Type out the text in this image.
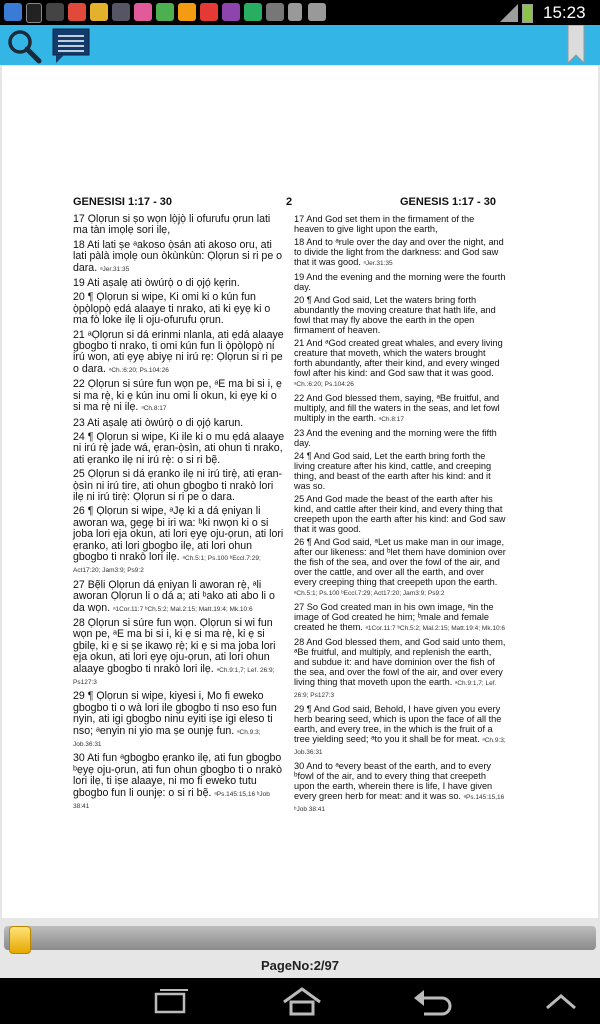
15:23
GENESISI 1:17 - 30	2	GENESIS 1:17 - 30

17 Ọlọrun si ṣo wọn lọ̀jọ̀ li ofurufu ọrun lati ma tàn imọlẹ sori ilẹ,

18 Ati lati ṣe ᵃakoso ọ̀sán ati akoso oru, ati lati pàlà imọlẹ oun òkùnkùn: Ọlọrun si ri pe o dara. ᵃJer.31:35

19 Ati aṣalẹ ati òwúrọ̀ o di ọjọ́ kẹrin.

20 ¶ Ọlọrun si wipe, Ki omi ki o kún fun ọ̀pọ̀lọpọ̀ ẹdá alaaye ti nrako, ati ki ẹyẹ ki o ma fò loke ilẹ li oju-ofurufu ọrun.

21 ᵃỌlọrun si dá erinmi nlanla, ati ẹdá alaaye gbogbo ti nrako, ti omi kún fun li ọ̀pọ̀lọpọ̀ ni irú won, ati ẹyẹ abiyẹ ni irú rẹ: Ọlọrun si ri pe o dara. ᵃCh.:6:20; Ps.104:26

22 Ọlọrun si súre fun wọn pe, ᵃE ma bi si i, ẹ si ma rẹ̀, ki ẹ kún inu omi li okun, ki ẹyẹ ki o si ma rẹ̀ ni ilẹ. ᵃCh.8:17

23 Ati aṣalẹ ati òwúrọ̀ o di ọjọ́ karun.

24 ¶ Ọlọrun si wipe, Ki ile ki o mu ẹdá alaaye ni irú rẹ̀ jade wá, ẹran-ọ̀sìn, ati ohun ti nrako, ati ẹranko ilẹ ni irú rẹ̀: o si ri bẹ̃.

25 Ọlọrun si dá ẹranko ilẹ ni irú tirẹ̀, ati ẹran-ọ̀sìn ni irú tire, ati ohun gbogbo ti nrakò lori ilẹ ni irú tirẹ̀: Ọlọrun si ri pe o dara.

26 ¶ Ọlọrun si wipe, ᵃJẹ ki a dá ẹniyan li aworan wa, gẹgẹ bi iri wa: ᵇki nwọn ki o si joba lori ẹja okun, ati lori ẹyẹ oju-ọrun, ati lori ẹranko, ati lori gbogbo ilẹ, ati lori ohun gbogbo ti nrakò lori ilẹ. ᵃCh.5:1; Ps.100 ᵇEccl.7:29; Act17:20; Jam3:9; Ps9:2

27 Bẹ̃li Ọlọrun dá ẹniyan li aworan rẹ̀, ᵃli aworan Ọlọrun li o dá a; ati ᵇako ati abo li o da wọn. ᵃ1Cor.11:7 ᵇCh.5:2; Mal.2:15; Matt.19:4; Mk.10:6

28 Ọlọrun si súre fun wọn. Ọlọrun si wi fun wọn pe, ᵃE ma bi si i, ki ẹ si ma rẹ̀, ki ẹ si gbilẹ, ki ẹ si ṣe ikawọ rẹ̀; ki ẹ si ma joba lori ẹja okun, ati lori ẹyẹ oju-ọrun, ati lori ohun alaaye gbogbo ti nrakò lori ilẹ. ᵃCh.9:1,7; Lef. 26:9; Ps127:3

29 ¶ Ọlọrun si wipe, kiyesi i, Mo fi eweko gbogbo ti o wà lori ile gbogbo ti nso eso fun nyin, ati igi gbogbo ninu eyiti iṣe igi eleso ti nso; ᵃenyin ni yio ma ṣe ounjẹ fun. ᵃCh.9:3; Job.36:31

30 Ati fun ᵃgbogbo ẹranko ilẹ, ati fun gbogbo ᵇẹyẹ oju-ọrun, ati fun ohun gbogbo ti o nrakò lori ilẹ, ti iṣe alaaye, ni mo fi eweko tutu gbogbo fun li ounjẹ: o si ri bẹ̃. ᵃPs.145:15,16 ᵇJob 38:41

17 And God set them in the firmament of the heaven to give light upon the earth,

18 And to ᵃrule over the day and over the night, and to divide the light from the darkness: and God saw that it was good. ᵃJer.31:35

19 And the evening and the morning were the fourth day.

20 ¶ And God said, Let the waters bring forth abundantly the moving creature that hath life, and fowl that may fly above the earth in the open firmament of heaven.

21 And ᵃGod created great whales, and every living creature that moveth, which the waters brought forth abundantly, after their kind, and every winged fowl after his kind: and God saw that it was good. ᵃCh.:6:20; Ps.104:26

22 And God blessed them, saying, ᵃBe fruitful, and multiply, and fill the waters in the seas, and let fowl multiply in the earth. ᵃCh.8:17

23 And the evening and the morning were the fifth day.

24 ¶ And God said, Let the earth bring forth the living creature after his kind, cattle, and creeping thing, and beast of the earth after his kind: and it was so.

25 And God made the beast of the earth after his kind, and cattle after their kind, and every thing that creepeth upon the earth after his kind: and God saw that it was good.

26 ¶ And God said, ᵃLet us make man in our image, after our likeness: and ᵇlet them have dominion over the fish of the sea, and over the fowl of the air, and over the cattle, and over all the earth, and over every creeping thing that creepeth upon the earth. ᵃCh.5:1; Ps.100 ᵇEccl.7:29; Act17:20; Jam3:9; Ps9:2

27 So God created man in his own image, ᵃin the image of God created he him; ᵇmale and female created he them. ᵃ1Cor.11:7 ᵇCh.5:2; Mal.2:15; Matt.19:4; Mk.10:6

28 And God blessed them, and God said unto them, ᵃBe fruitful, and multiply, and replenish the earth, and subdue it: and have dominion over the fish of the sea, and over the fowl of the air, and over every living thing that moveth upon the earth. ᵃCh.9:1,7; Lef. 26:9; Ps127:3

29 ¶ And God said, Behold, I have given you every herb bearing seed, which is upon the face of all the earth, and every tree, in the which is the fruit of a tree yielding seed; ᵃto you it shall be for meat. ᵃCh.9:3; Job.36:31

30 And to ᵃevery beast of the earth, and to every ᵇfowl of the air, and to every thing that creepeth upon the earth, wherein there is life, I have given every green herb for meat: and it was so. ᵃPs.145:15,16 ᵇJob 38:41

PageNo:2/97
